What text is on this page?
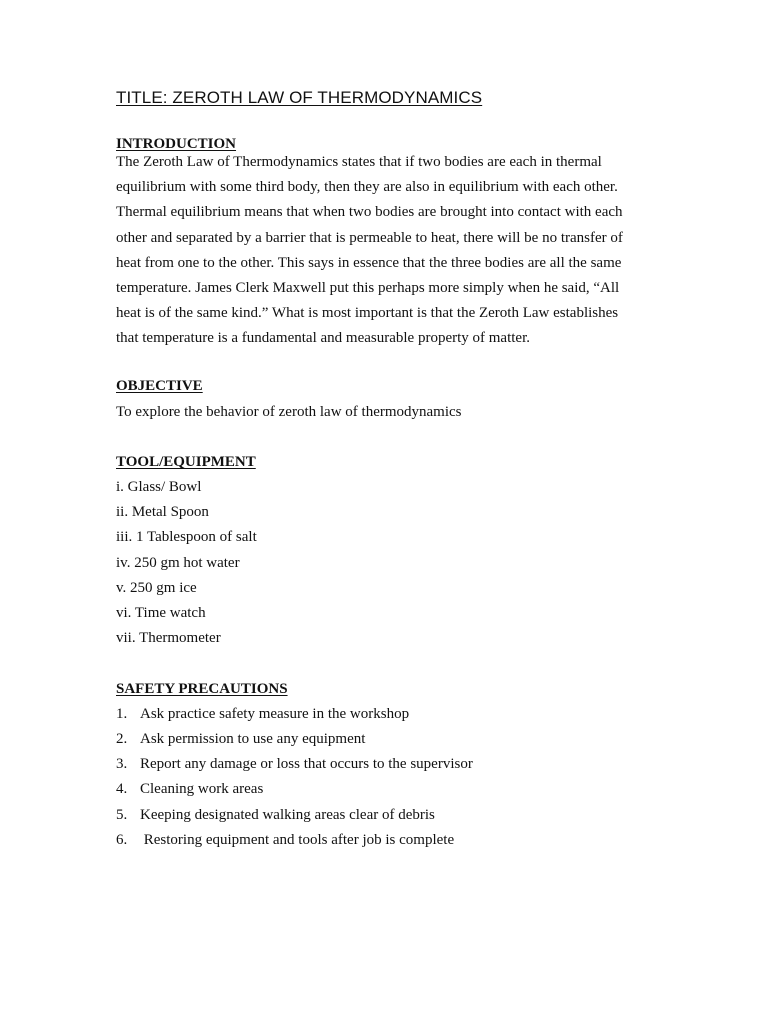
TITLE: ZEROTH LAW OF THERMODYNAMICS
INTRODUCTION
The Zeroth Law of Thermodynamics states that if two bodies are each in thermal
equilibrium with some third body, then they are also in equilibrium with each other.
Thermal equilibrium means that when two bodies are brought into contact with each
other and separated by a barrier that is permeable to heat, there will be no transfer of
heat from one to the other. This says in essence that the three bodies are all the same
temperature. James Clerk Maxwell put this perhaps more simply when he said, “All
heat is of the same kind.” What is most important is that the Zeroth Law establishes
that temperature is a fundamental and measurable property of matter.
OBJECTIVE

To explore the behavior of zeroth law of thermodynamics

TOOL/EQUIPMENT

i. Glass/ Bowl

ii. Metal Spoon

iii. 1 Tablespoon of salt

iv. 250 gm hot water

v. 250 gm ice

vi. Time watch

vii. Thermometer

SAFETY PRECAUTIONS

1. Ask practice safety measure in the workshop

2. Ask permission to use any equipment

3. Report any damage or loss that occurs to the supervisor

4. Cleaning work areas

5. Keeping designated walking areas clear of debris

6. Restoring equipment and tools after job is complete
